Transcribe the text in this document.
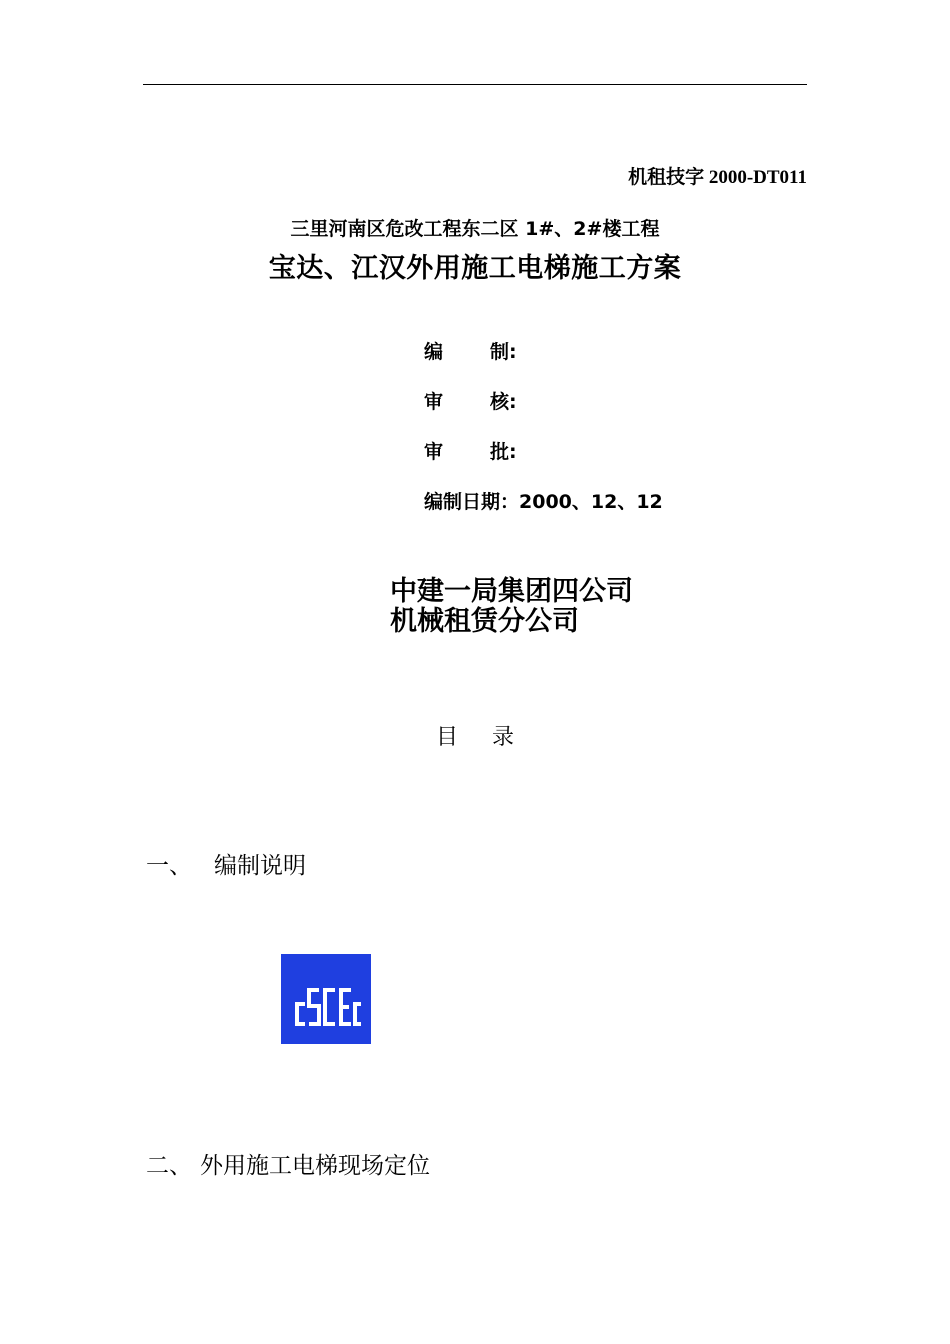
机租技字 2000-DT011
三里河南区危改工程东二区 1#、2#楼工程
宝达、江汉外用施工电梯施工方案
编 制:
审 核:
审 批:
编制日期：2000、12、12
中建一局集团四公司
机械租赁分公司
目 录
一、 编制说明
二、 外用施工电梯现场定位
